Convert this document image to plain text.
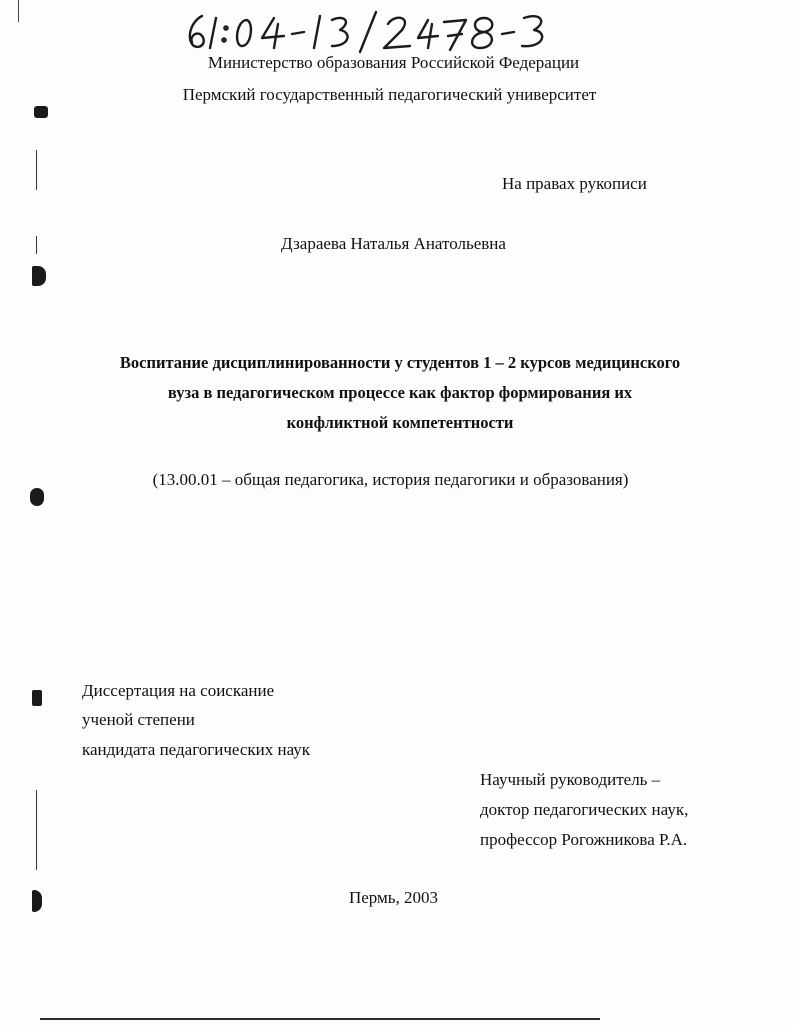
Министерство образования Российской Федерации
Пермский государственный педагогический университет
На правах рукописи
Дзараева Наталья Анатольевна
Воспитание дисциплинированности у студентов 1 – 2 курсов медицинского
вуза в педагогическом процессе как фактор формирования их
конфликтной компетентности
(13.00.01 – общая педагогика, история педагогики и образования)
Диссертация на соискание
ученой степени
кандидата педагогических наук
Научный руководитель –
доктор педагогических наук,
профессор Рогожникова Р.А.
Пермь, 2003
